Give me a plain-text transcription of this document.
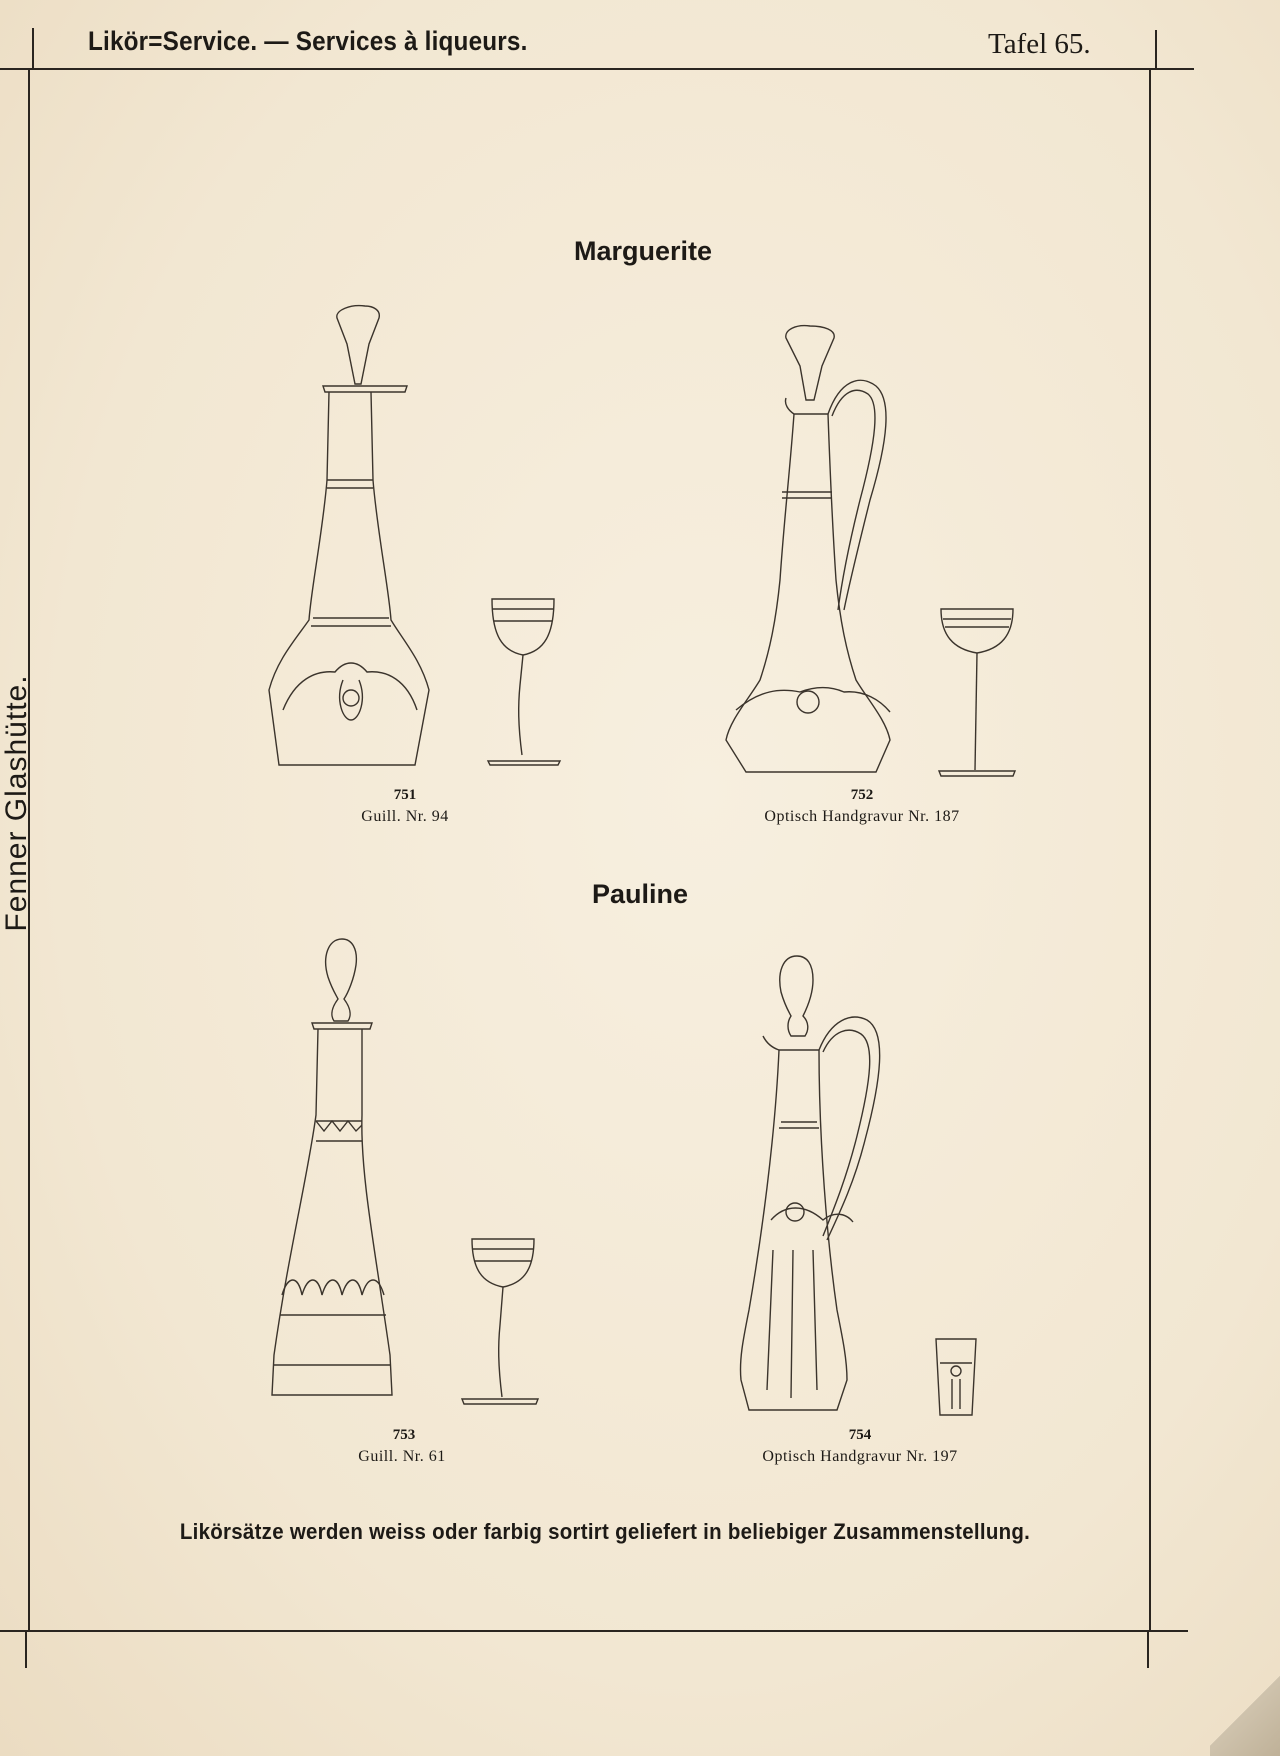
Likör=Service. — Services à liqueurs.	Tafel 65.
Fenner Glashütte.
Marguerite
751
Guill. Nr. 94
752
Optisch Handgravur Nr. 187
Pauline
753
Guill. Nr. 61
754
Optisch Handgravur Nr. 197
Likörsätze werden weiss oder farbig sortirt geliefert in beliebiger Zusammenstellung.
